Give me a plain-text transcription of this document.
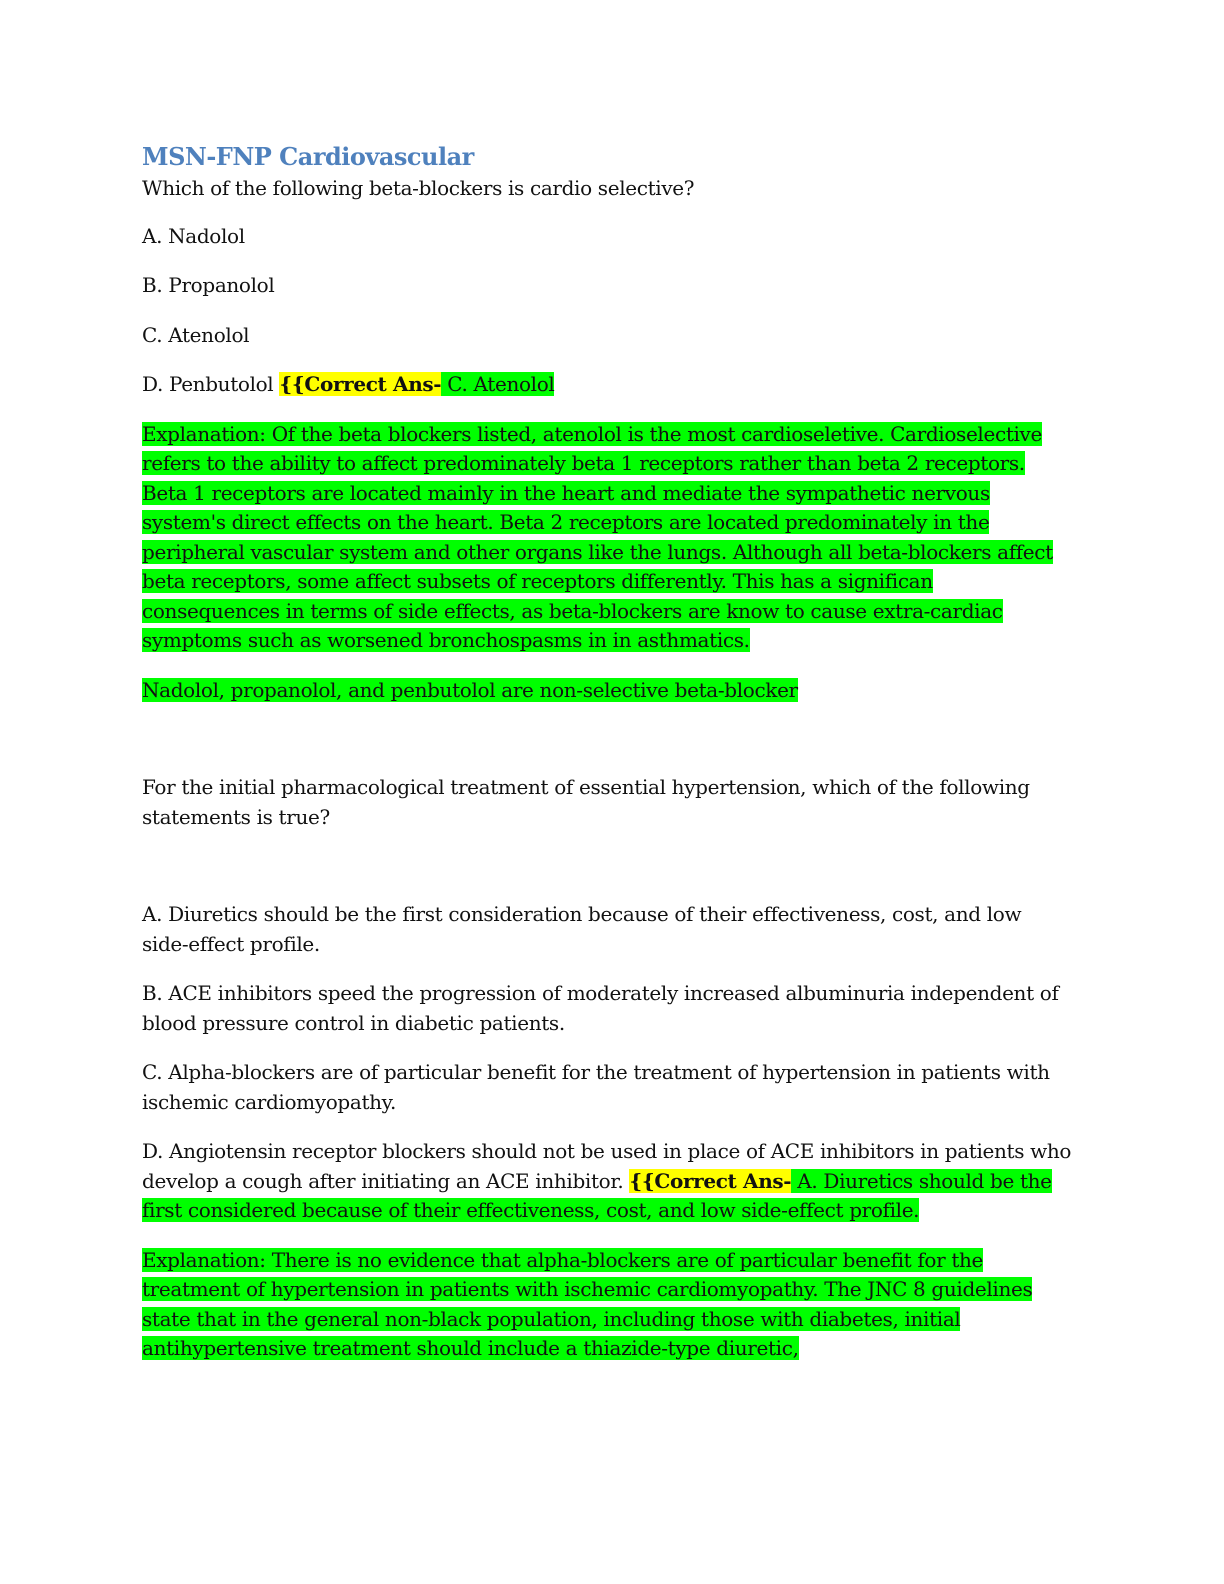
MSN-FNP Cardiovascular

Which of the following beta-blockers is cardio selective?

A. Nadolol

B. Propanolol

C. Atenolol

D. Penbutolol {{Correct Ans- C. Atenolol

Explanation: Of the beta blockers listed, atenolol is the most cardioseletive. Cardioselective refers to the ability to affect predominately beta 1 receptors rather than beta 2 receptors. Beta 1 receptors are located mainly in the heart and mediate the sympathetic nervous system's direct effects on the heart. Beta 2 receptors are located predominately in the peripheral vascular system and other organs like the lungs. Although all beta-blockers affect beta receptors, some affect subsets of receptors differently. This has a significan consequences in terms of side effects, as beta-blockers are know to cause extra-cardiac symptoms such as worsened bronchospasms in in asthmatics.

Nadolol, propanolol, and penbutolol are non-selective beta-blocker

For the initial pharmacological treatment of essential hypertension, which of the following statements is true?

A. Diuretics should be the first consideration because of their effectiveness, cost, and low side-effect profile.

B. ACE inhibitors speed the progression of moderately increased albuminuria independent of blood pressure control in diabetic patients.

C. Alpha-blockers are of particular benefit for the treatment of hypertension in patients with ischemic cardiomyopathy.

D. Angiotensin receptor blockers should not be used in place of ACE inhibitors in patients who develop a cough after initiating an ACE inhibitor. {{Correct Ans- A. Diuretics should be the first considered because of their effectiveness, cost, and low side-effect profile.

Explanation: There is no evidence that alpha-blockers are of particular benefit for the treatment of hypertension in patients with ischemic cardiomyopathy. The JNC 8 guidelines state that in the general non-black population, including those with diabetes, initial antihypertensive treatment should include a thiazide-type diuretic,
